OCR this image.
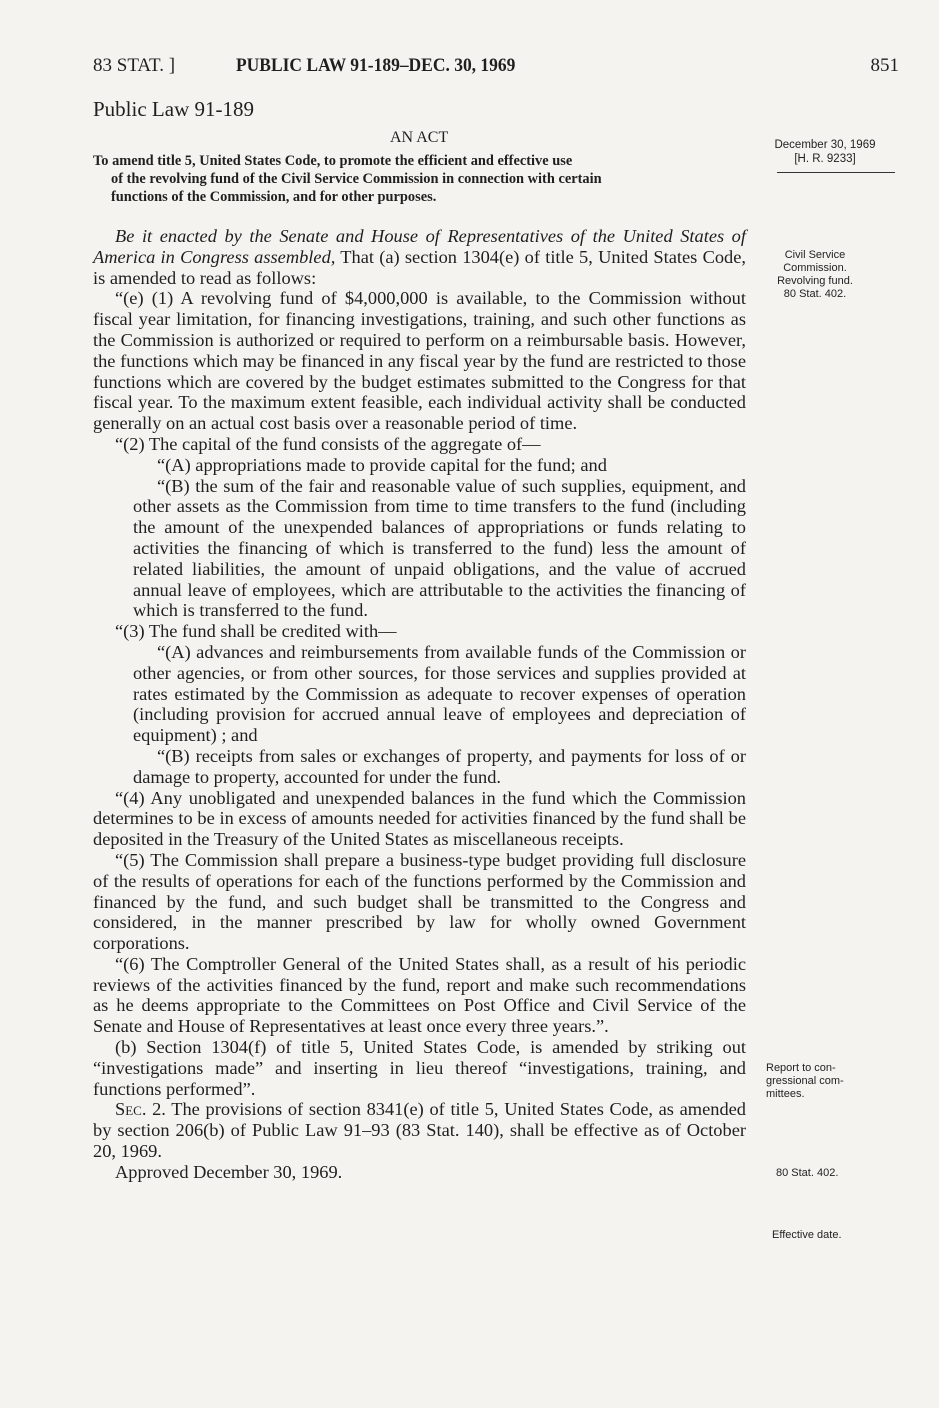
83 STAT. ]	PUBLIC LAW 91-189–DEC. 30, 1969	851
Public Law 91-189
AN ACT
To amend title 5, United States Code, to promote the efficient and effective use
of the revolving fund of the Civil Service Commission in connection with certain
functions of the Commission, and for other purposes.
December 30, 1969
[H. R. 9233]
Civil Service
Commission.
Revolving fund.
80 Stat. 402.
Report to con-
gressional com-
mittees.
80 Stat. 402.
Effective date.

Be it enacted by the Senate and House of Representatives of the United States of America in Congress assembled, That (a) section 1304(e) of title 5, United States Code, is amended to read as follows:

“(e) (1) A revolving fund of $4,000,000 is available, to the Commission without fiscal year limitation, for financing investigations, training, and such other functions as the Commission is authorized or required to perform on a reimbursable basis. However, the functions which may be financed in any fiscal year by the fund are restricted to those functions which are covered by the budget estimates submitted to the Congress for that fiscal year. To the maximum extent feasible, each individual activity shall be conducted generally on an actual cost basis over a reasonable period of time.

“(2) The capital of the fund consists of the aggregate of—

“(A) appropriations made to provide capital for the fund; and

“(B) the sum of the fair and reasonable value of such supplies, equipment, and other assets as the Commission from time to time transfers to the fund (including the amount of the unexpended balances of appropriations or funds relating to activities the financing of which is transferred to the fund) less the amount of related liabilities, the amount of unpaid obligations, and the value of accrued annual leave of employees, which are attributable to the activities the financing of which is transferred to the fund.

“(3) The fund shall be credited with—

“(A) advances and reimbursements from available funds of the Commission or other agencies, or from other sources, for those services and supplies provided at rates estimated by the Commission as adequate to recover expenses of operation (including provision for accrued annual leave of employees and depreciation of equipment) ; and

“(B) receipts from sales or exchanges of property, and payments for loss of or damage to property, accounted for under the fund.

“(4) Any unobligated and unexpended balances in the fund which the Commission determines to be in excess of amounts needed for activities financed by the fund shall be deposited in the Treasury of the United States as miscellaneous receipts.

“(5) The Commission shall prepare a business-type budget providing full disclosure of the results of operations for each of the functions performed by the Commission and financed by the fund, and such budget shall be transmitted to the Congress and considered, in the manner prescribed by law for wholly owned Government corporations.

“(6) The Comptroller General of the United States shall, as a result of his periodic reviews of the activities financed by the fund, report and make such recommendations as he deems appropriate to the Committees on Post Office and Civil Service of the Senate and House of Representatives at least once every three years.”.

(b) Section 1304(f) of title 5, United States Code, is amended by striking out “investigations made” and inserting in lieu thereof “investigations, training, and functions performed”.

Sec. 2. The provisions of section 8341(e) of title 5, United States Code, as amended by section 206(b) of Public Law 91–93 (83 Stat. 140), shall be effective as of October 20, 1969.

Approved December 30, 1969.
